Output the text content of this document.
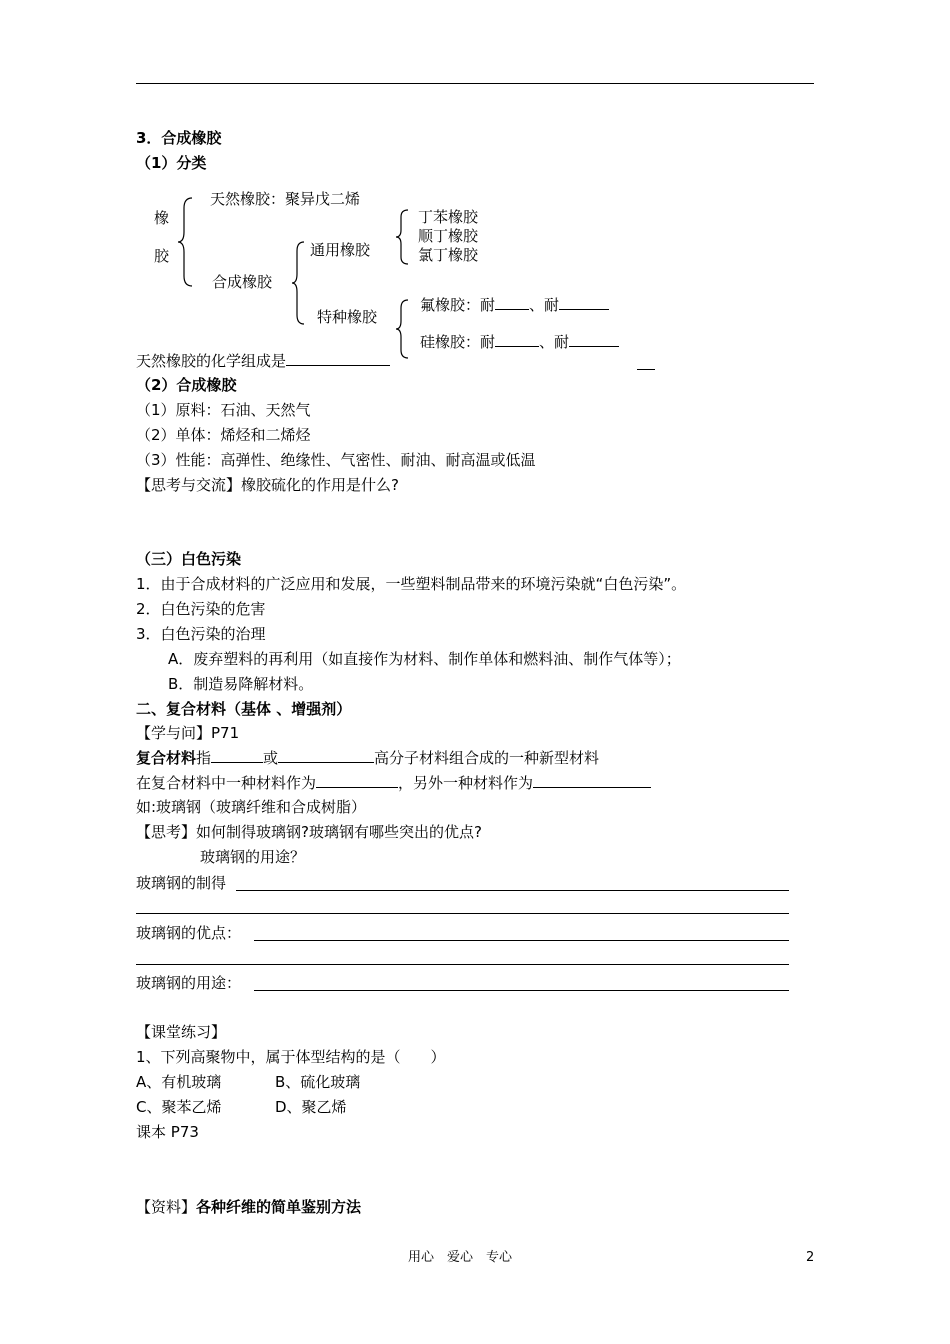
3．合成橡胶
（1）分类
橡
胶
天然橡胶：聚异戊二烯
合成橡胶
通用橡胶
特种橡胶
丁苯橡胶
顺丁橡胶
氯丁橡胶
氟橡胶：耐 、耐
硅橡胶：耐	、耐
天然橡胶的化学组成是
（2）合成橡胶
（1）原料：石油、天然气
（2）单体：烯烃和二烯烃
（3）性能：高弹性、绝缘性、气密性、耐油、耐高温或低温
【思考与交流】橡胶硫化的作用是什么?
（三）白色污染
1．由于合成材料的广泛应用和发展，一些塑料制品带来的环境污染就“白色污染”。
2．白色污染的危害
3．白色污染的治理
A．废弃塑料的再利用（如直接作为材料、制作单体和燃料油、制作气体等）；
B．制造易降解材料。
二、复合材料（基体 、增强剂）
【学与问】P71
复合材料指	或	高分子材料组合成的一种新型材料
在复合材料中一种材料作为	，另外一种材料作为
如:玻璃钢（玻璃纤维和合成树脂）
【思考】如何制得玻璃钢?玻璃钢有哪些突出的优点?
玻璃钢的用途？
玻璃钢的制得
玻璃钢的优点：
玻璃钢的用途：
【课堂练习】
1、下列高聚物中，属于体型结构的是（　　）
A、有机玻璃	B、硫化玻璃
C、聚苯乙烯	D、聚乙烯
课本 P73
【资料】各种纤维的简单鉴别方法
用心　爱心　专心	2
